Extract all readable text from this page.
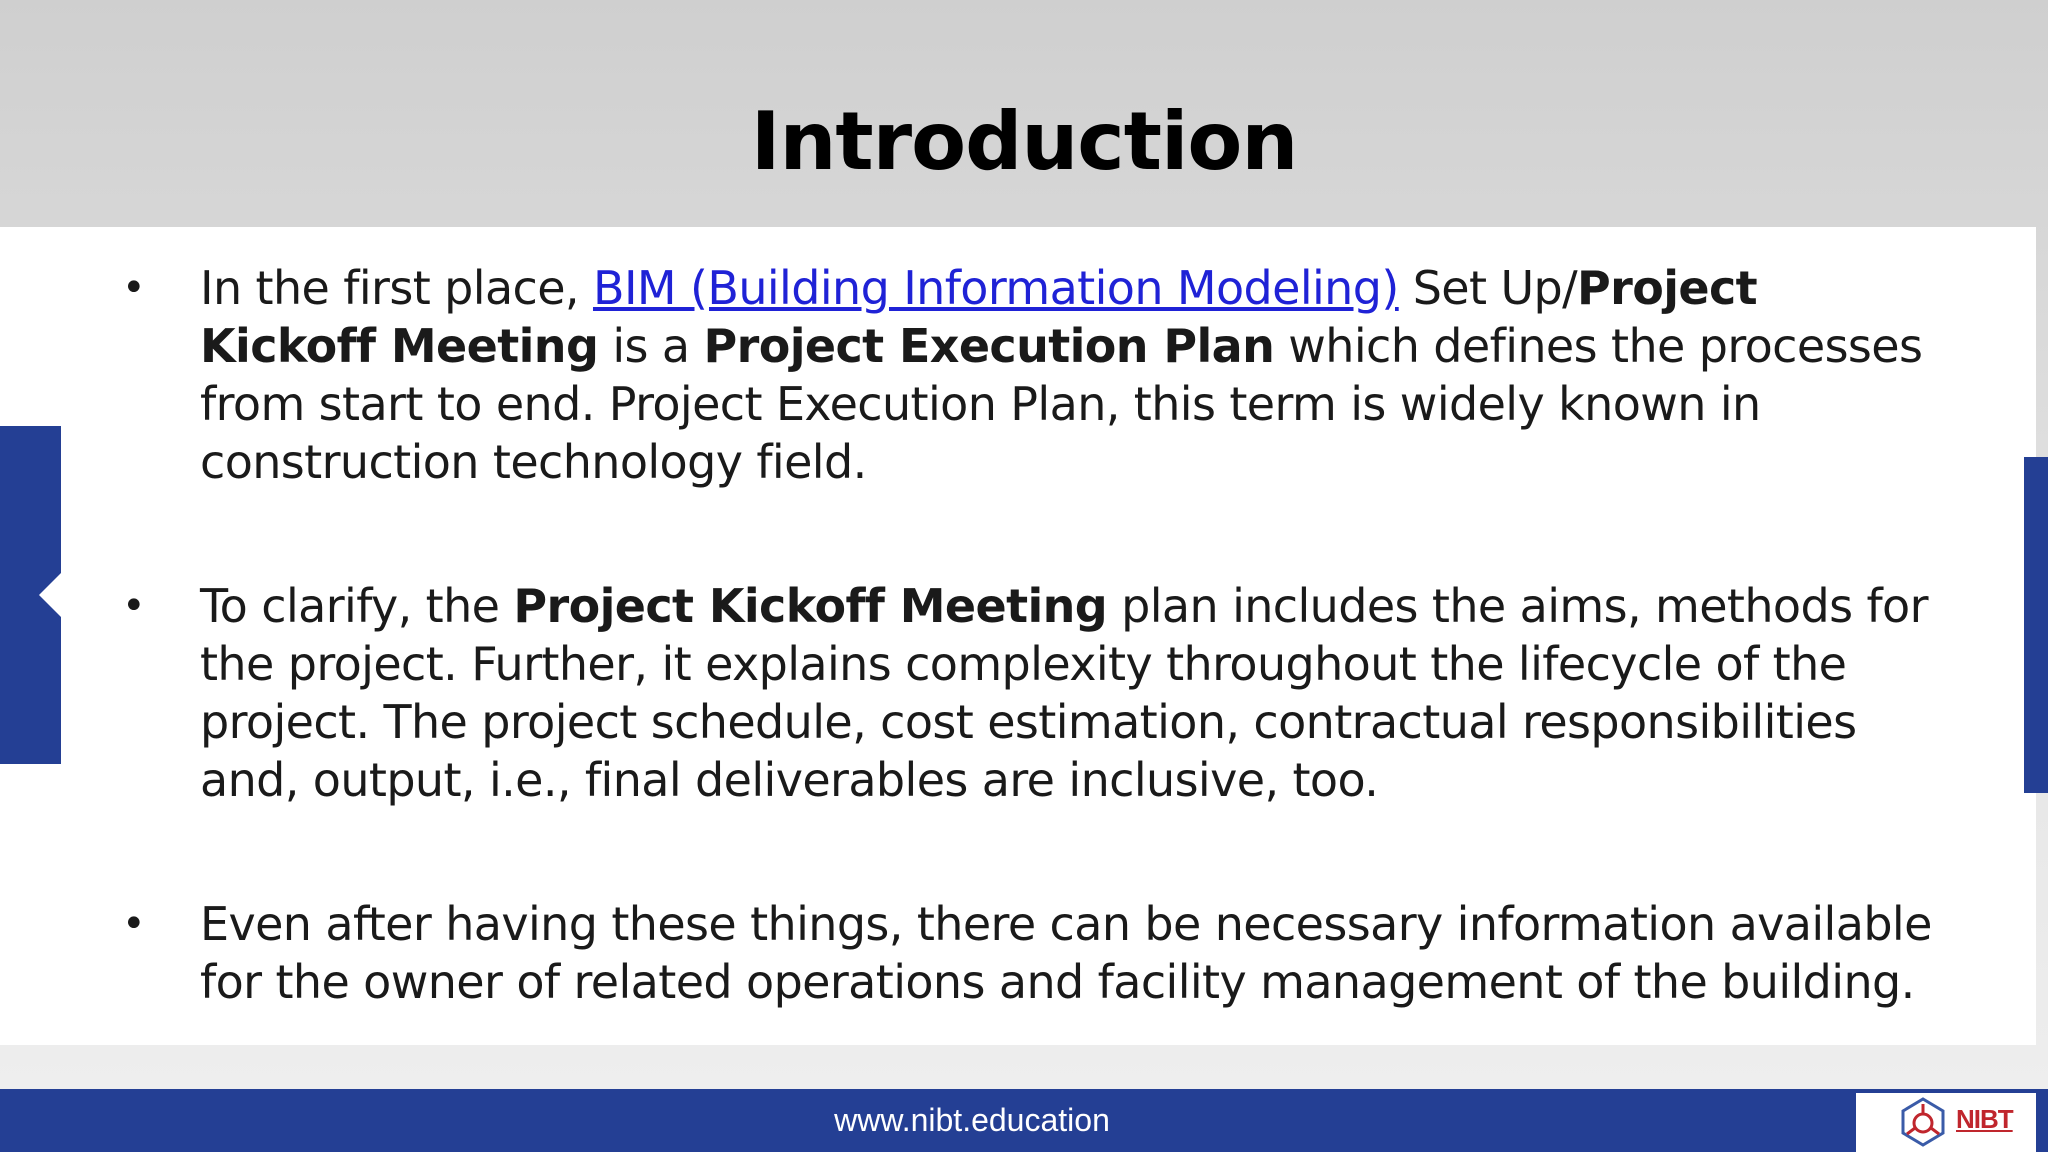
Introduction
• In the first place, BIM (Building Information Modeling) Set Up/Project Kickoff Meeting is a Project Execution Plan which defines the processes from start to end. Project Execution Plan, this term is widely known in construction technology field.
• To clarify, the Project Kickoff Meeting plan includes the aims, methods for the project. Further, it explains complexity throughout the lifecycle of the project. The project schedule, cost estimation, contractual responsibilities and, output, i.e., final deliverables are inclusive, too.
• Even after having these things, there can be necessary information available for the owner of related operations and facility management of the building.
www.nibt.education	NIBT
